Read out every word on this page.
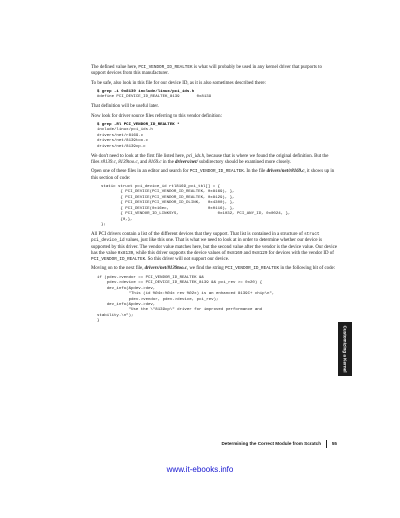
The defined value here, PCI_VENDOR_ID_REALTEK is what will probably be used in any kernel driver that purports to support devices from this manufacturer.

To be safe, also look in this file for our device ID, as it is also sometimes described there:

$ grep -i 0x8139 include/linux/pci_ids.h
#define PCI_DEVICE_ID_REALTEK_8139       0x8139

That definition will be useful later.

Now look for driver source files referring to this vendor definition:

$ grep -Rl PCI_VENDOR_ID_REALTEK *
include/linux/pci_ids.h
drivers/net/r8169.c
drivers/net/8139too.c
drivers/net/8139cp.c

We don't need to look at the first file listed here, pci_ids.h, because that is where we found the original definition. But the files r8139.c, 8139too.c, and 8169.c in the drivers/net/ subdirectory should be examined more closely.

Open one of these files in an editor and search for PCI_VENDOR_ID_REALTEK. In the file drivers/net/r8169.c, it shows up in this section of code:

static struct pci_device_id rtl8169_pci_tbl[] = {
{ PCI_DEVICE(PCI_VENDOR_ID_REALTEK, 0x8169), },
{ PCI_DEVICE(PCI_VENDOR_ID_REALTEK, 0x8129), },
{ PCI_DEVICE(PCI_VENDOR_ID_DLINK,   0x4300), },
{ PCI_DEVICE(0x16ec,                0x0116), },
{ PCI_VENDOR_ID_LINKSYS,                0x1032, PCI_ANY_ID, 0x0024, },
{0,},
};

All PCI drivers contain a list of the different devices that they support. That list is contained in a structure of struct pci_device_id values, just like this one. That is what we need to look at in order to determine whether our device is supported by this driver. The vendor value matches here, but the second value after the vendor is the device value. Our device has the value 0x8139, while this driver supports the device values of 0x8169 and 0x8129 for devices with the vendor ID of PCI_VENDOR_ID_REALTEK. So this driver will not support our device.

Moving on to the next file, drivers/net/8139too.c, we find the string PCI_VENDOR_ID_REALTEK in the following bit of code:

if (pdev->vendor == PCI_VENDOR_ID_REALTEK &&
pdev->device == PCI_DEVICE_ID_REALTEK_8139 && pci_rev >= 0x20) {
dev_info(&pdev->dev,
"This (id %04x:%04x rev %02x) is an enhanced 8139C+ chip\n",
pdev->vendor, pdev->device, pci_rev);
dev_info(&pdev->dev,
"Use the \"8139cp\" driver for improved performance and
stability.\n");
}
Customizing a Kernel
Determining the Correct Module from Scratch 55
www.it-ebooks.info
